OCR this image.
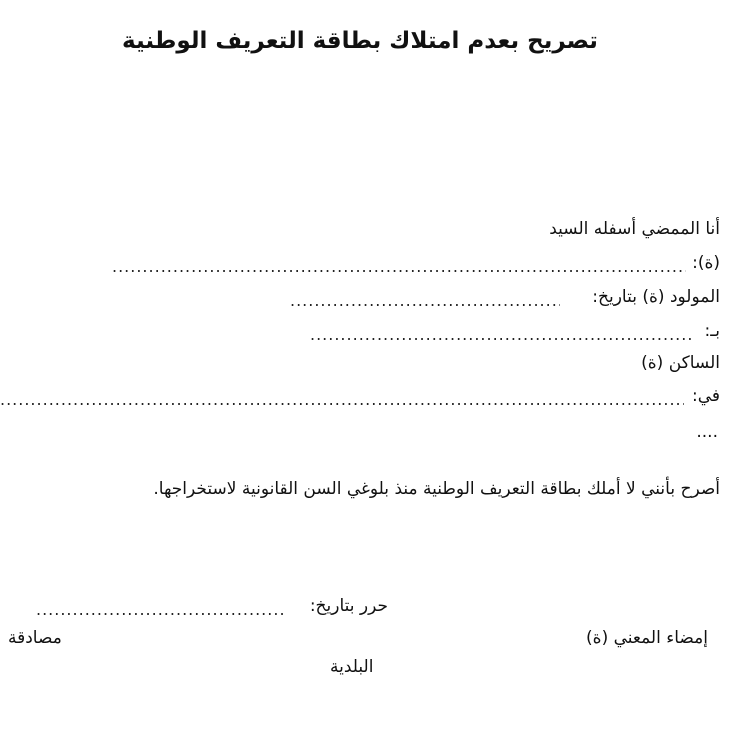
تصريح بعدم امتلاك بطاقة التعريف الوطنية
أنا الممضي أسفله السيد
(ة):
.....
المولود (ة) بتاريخ:
.....
بـ:
.....
الساكن (ة)
في:
.....
....
أصرح بأنني لا أملك بطاقة التعريف الوطنية منذ بلوغي السن القانونية لاستخراجها.
حرر بتاريخ:
.....
إمضاء المعني (ة)
مصادقة
البلدية
